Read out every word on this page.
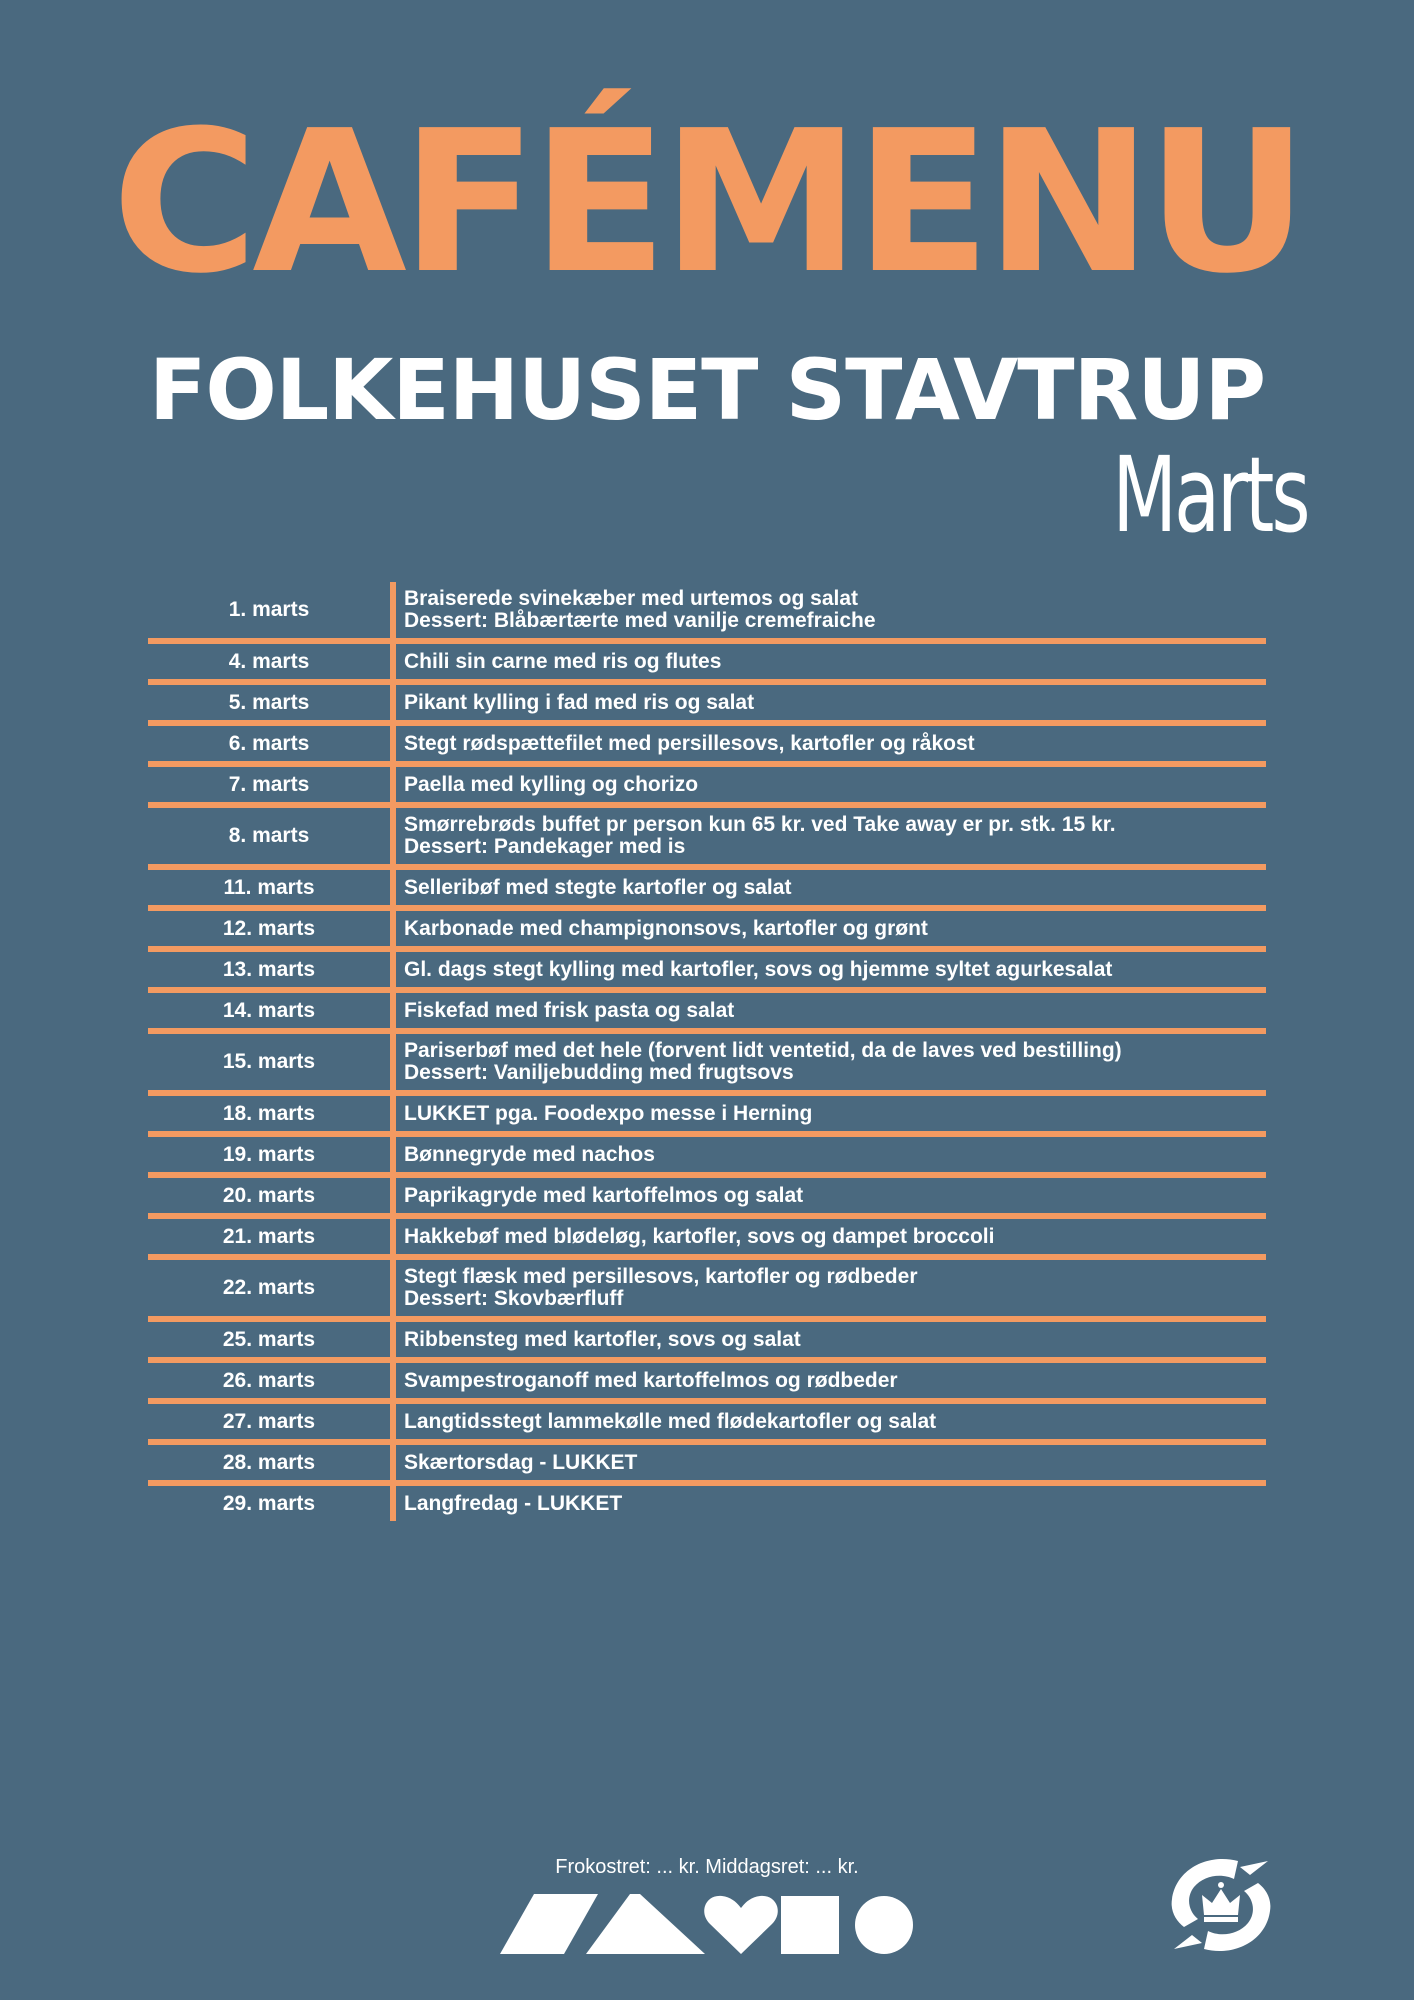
CAFÉMENU
FOLKEHUSET STAVTRUP
Marts
1. marts	Braiserede svinekæber med urtemos og salat
Dessert: Blåbærtærte med vanilje cremefraiche
4. marts	Chili sin carne med ris og flutes
5. marts	Pikant kylling i fad med ris og salat
6. marts	Stegt rødspættefilet med persillesovs, kartofler og råkost
7. marts	Paella med kylling og chorizo
8. marts	Smørrebrøds buffet pr person kun 65 kr. ved Take away er pr. stk. 15 kr.
Dessert: Pandekager med is
11. marts	Selleribøf med stegte kartofler og salat
12. marts	Karbonade med champignonsovs, kartofler og grønt
13. marts	Gl. dags stegt kylling med kartofler, sovs og hjemme syltet agurkesalat
14. marts	Fiskefad med frisk pasta og salat
15. marts	Pariserbøf med det hele (forvent lidt ventetid, da de laves ved bestilling)
Dessert: Vaniljebudding med frugtsovs
18. marts	LUKKET pga. Foodexpo messe i Herning
19. marts	Bønnegryde med nachos
20. marts	Paprikagryde med kartoffelmos og salat
21. marts	Hakkebøf med blødeløg, kartofler, sovs og dampet broccoli
22. marts	Stegt flæsk med persillesovs, kartofler og rødbeder
Dessert: Skovbærfluff
25. marts	Ribbensteg med kartofler, sovs og salat
26. marts	Svampestroganoff med kartoffelmos og rødbeder
27. marts	Langtidsstegt lammekølle med flødekartofler og salat
28. marts	Skærtorsdag - LUKKET
29. marts	Langfredag - LUKKET
Frokostret: ... kr. Middagsret: ... kr.
